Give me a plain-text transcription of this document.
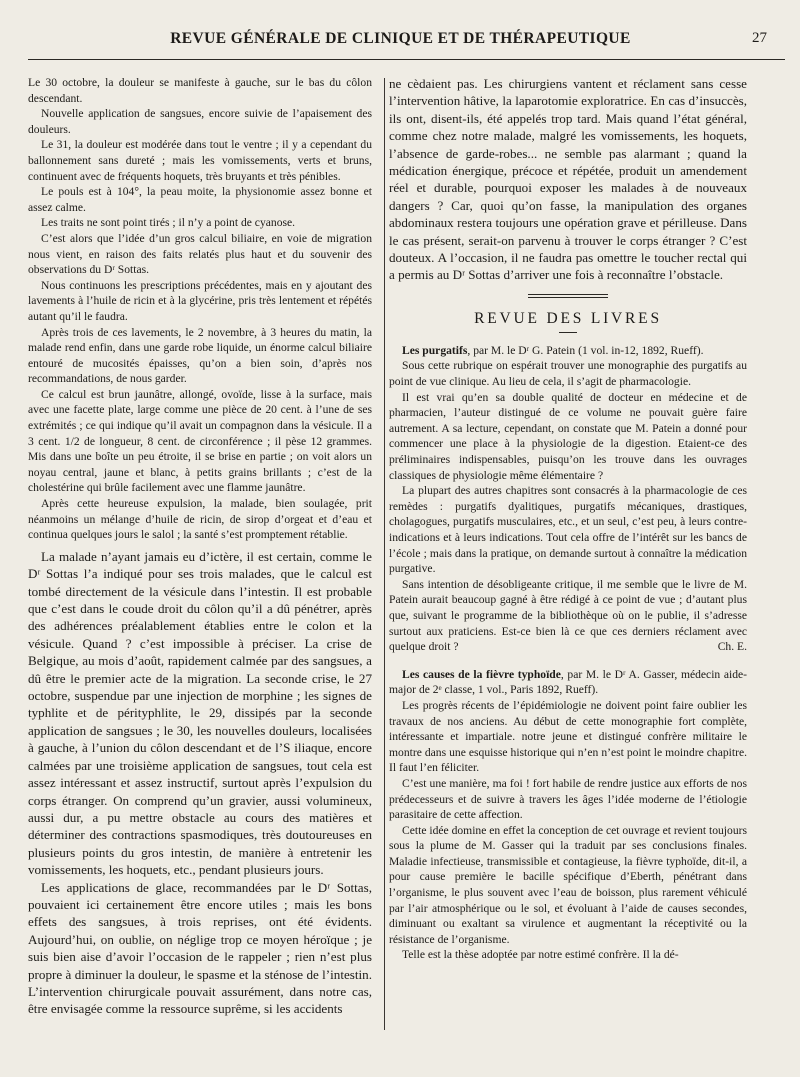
REVUE GÉNÉRALE DE CLINIQUE ET DE THÉRAPEUTIQUE	27

Le 30 octobre, la douleur se manifeste à gauche, sur le bas du côlon descendant.

Nouvelle application de sangsues, encore suivie de l’apaisement des douleurs.

Le 31, la douleur est modérée dans tout le ventre ; il y a cependant du ballonnement sans dureté ; mais les vomissements, verts et bruns, continuent avec de fréquents hoquets, très bruyants et très pénibles.

Le pouls est à 104°, la peau moite, la physionomie assez bonne et assez calme.

Les traits ne sont point tirés ; il n’y a point de cyanose.

C’est alors que l’idée d’un gros calcul biliaire, en voie de migration nous vient, en raison des faits relatés plus haut et du souvenir des observations du Dʳ Sottas.

Nous continuons les prescriptions précédentes, mais en y ajoutant des lavements à l’huile de ricin et à la glycérine, pris très lentement et répétés autant qu’il le faudra.

Après trois de ces lavements, le 2 novembre, à 3 heures du matin, la malade rend enfin, dans une garde robe liquide, un énorme calcul biliaire entouré de mucosités épaisses, qu’on a bien soin, d’après nos recommandations, de nous garder.

Ce calcul est brun jaunâtre, allongé, ovoïde, lisse à la surface, mais avec une facette plate, large comme une pièce de 20 cent. à l’une de ses extrémités ; ce qui indique qu’il avait un compagnon dans la vésicule. Il a 3 cent. 1/2 de longueur, 8 cent. de circonférence ; il pèse 12 grammes. Mis dans une boîte un peu étroite, il se brise en partie ; on voit alors un noyau central, jaune et blanc, à petits grains brillants ; c’est de la cholestérine qui brûle facilement avec une flamme jaunâtre.

Après cette heureuse expulsion, la malade, bien soulagée, prit néanmoins un mélange d’huile de ricin, de sirop d’orgeat et d’eau et continua quelques jours le salol ; la santé s’est promptement rétablie.

La malade n’ayant jamais eu d’ictère, il est certain, comme le Dʳ Sottas l’a indiqué pour ses trois malades, que le calcul est tombé directement de la vésicule dans l’intestin. Il est probable que c’est dans le coude droit du côlon qu’il a dû pénétrer, après des adhérences préalablement établies entre le colon et la vésicule. Quand ? c’est impossible à préciser. La crise de Belgique, au mois d’août, rapidement calmée par des sangsues, a dû être le premier acte de la migration. La seconde crise, le 27 octobre, suspendue par une injection de morphine ; les signes de typhlite et de pérityphlite, le 29, dissipés par la seconde application de sangsues ; le 30, les nouvelles douleurs, localisées à gauche, à l’union du côlon descendant et de l’S iliaque, encore calmées par une troisième application de sangsues, tout cela est assez intéressant et assez instructif, surtout après l’expulsion du corps étranger. On comprend qu’un gravier, aussi volumineux, aussi dur, a pu mettre obstacle au cours des matières et déterminer des contractions spasmodiques, très doutoureuses en plusieurs points du gros intestin, de manière à entretenir les vomissements, les hoquets, etc., pendant plusieurs jours.

Les applications de glace, recommandées par le Dʳ Sottas, pouvaient ici certainement être encore utiles ; mais les bons effets des sangsues, à trois reprises, ont été évidents. Aujourd’hui, on oublie, on néglige trop ce moyen héroïque ; je suis bien aise d’avoir l’occasion de le rappeler ; rien n’est plus propre à diminuer la douleur, le spasme et la sténose de l’intestin. L’intervention chirurgicale pouvait assurément, dans notre cas, être envisagée comme la ressource suprême, si les accidents

ne cèdaient pas. Les chirurgiens vantent et réclament sans cesse l’intervention hâtive, la laparotomie exploratrice. En cas d’insuccès, ils ont, disent-ils, été appelés trop tard. Mais quand l’état général, comme chez notre malade, malgré les vomissements, les hoquets, l’absence de garde-robes... ne semble pas alarmant ; quand la médication énergique, précoce et répétée, produit un amendement réel et durable, pourquoi exposer les malades à de nouveaux dangers ? Car, quoi qu’on fasse, la manipulation des organes abdominaux restera toujours une opération grave et périlleuse. Dans le cas présent, serait-on parvenu à trouver le corps étranger ? C’est douteux. A l’occasion, il ne faudra pas omettre le toucher rectal qui a permis au Dʳ Sottas d’arriver une fois à reconnaître l’obstacle.

REVUE DES LIVRES

Les purgatifs, par M. le Dʳ G. Patein (1 vol. in-12, 1892, Rueff).

Sous cette rubrique on espérait trouver une monographie des purgatifs au point de vue clinique. Au lieu de cela, il s’agit de pharmacologie.

Il est vrai qu’en sa double qualité de docteur en médecine et de pharmacien, l’auteur distingué de ce volume ne pouvait guère faire autrement. A sa lecture, cependant, on constate que M. Patein a donné pour commencer une place à la physiologie de la digestion. Etaient-ce des préliminaires indispensables, puisqu’on les trouve dans les ouvrages classiques de physiologie même élémentaire ?

La plupart des autres chapitres sont consacrés à la pharmacologie de ces remèdes : purgatifs dyalitiques, purgatifs mécaniques, drastiques, cholagogues, purgatifs musculaires, etc., et un seul, c’est peu, à leurs contre-indications et à leurs indications. Tout cela offre de l’intérêt sur les bancs de l’école ; mais dans la pratique, on demande surtout à connaître la médication purgative.

Sans intention de désobligeante critique, il me semble que le livre de M. Patein aurait beaucoup gagné à être rédigé à ce point de vue ; d’autant plus que, suivant le programme de la bibliothèque où on le publie, il s’adresse surtout aux praticiens. Est-ce bien là ce que ces derniers réclament avec quelque droit ?	Ch. E.

Les causes de la fièvre typhoïde, par M. le Dʳ A. Gasser, médecin aide-major de 2ᵉ classe, 1 vol., Paris 1892, Rueff).

Les progrès récents de l’épidémiologie ne doivent point faire oublier les travaux de nos anciens. Au début de cette monographie fort complète, intéressante et impartiale. notre jeune et distingué confrère militaire le montre dans une esquisse historique qui n’en n’est point le moindre chapitre. Il faut l’en féliciter.

C’est une manière, ma foi ! fort habile de rendre justice aux efforts de nos prédecesseurs et de suivre à travers les âges l’idée moderne de l’étiologie parasitaire de cette affection.

Cette idée domine en effet la conception de cet ouvrage et revient toujours sous la plume de M. Gasser qui la traduit par ses conclusions finales. Maladie infectieuse, transmissible et contagieuse, la fièvre typhoïde, dit-il, a pour cause première le bacille spécifique d’Eberth, pénétrant dans l’organisme, le plus souvent avec l’eau de boisson, plus rarement véhiculé par l’air atmosphérique ou le sol, et évoluant à l’aide de causes secondes, diminuant ou exaltant sa virulence et augmentant la réceptivité ou la résistance de l’organisme.

Telle est la thèse adoptée par notre estimé confrère. Il la dé-
